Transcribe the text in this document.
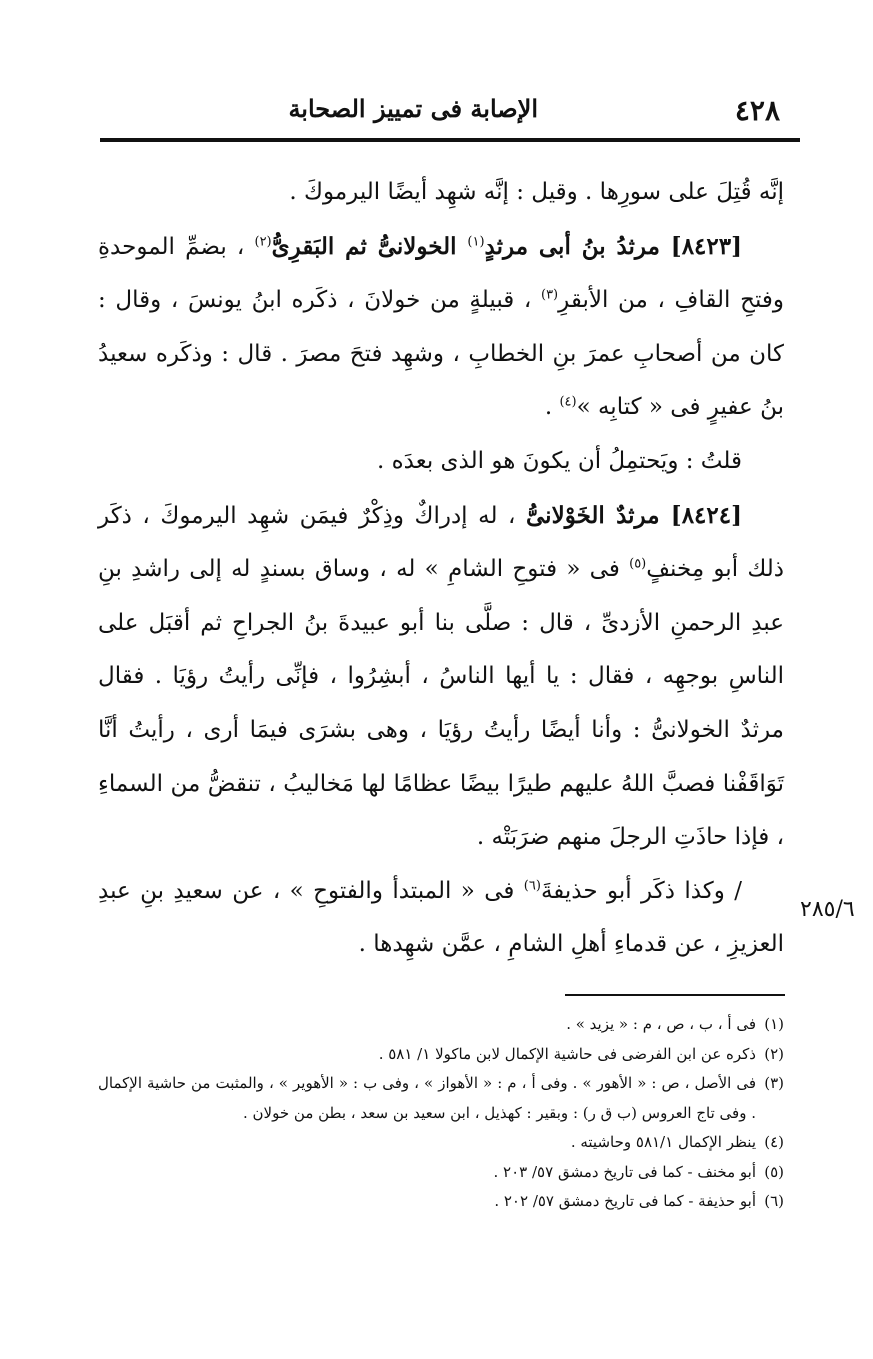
٤٢٨
الإصابة فى تمييز الصحابة

إنَّه قُتِلَ على سورِها . وقيل : إنَّه شهِد أيضًا اليرموكَ .

[٨٤٢٣] مرثدُ بنُ أبى مرثدٍ$^{(١)}$ الخولانىُّ ثم البَقرِىُّ$^{(٢)}$ ، بضمِّ الموحدةِ وفتحِ القافِ ، من الأبقرِ$^{(٣)}$ ، قبيلةٍ من خولانَ ، ذكَره ابنُ يونسَ ، وقال : كان من أصحابِ عمرَ بنِ الخطابِ ، وشهِد فتحَ مصرَ . قال : وذكَره سعيدُ بنُ عفيرٍ فى « كتابِه »$^{(٤)}$ .

قلتُ : ويَحتمِلُ أن يكونَ هو الذى بعدَه .

[٨٤٢٤] مرثدٌ الخَوْلانىُّ ، له إدراكٌ وذِكْرٌ فيمَن شهِد اليرموكَ ، ذكَر ذلك أبو مِخنفٍ$^{(٥)}$ فى « فتوحِ الشامِ » له ، وساق بسندٍ له إلى راشدِ بنِ عبدِ الرحمنِ الأزدىِّ ، قال : صلَّى بنا أبو عبيدةَ بنُ الجراحِ ثم أقبَل على الناسِ بوجهِه ، فقال : يا أيها الناسُ ، أبشِرُوا ، فإنِّى رأيتُ رؤيَا . فقال مرثدٌ الخولانىُّ : وأنا أيضًا رأيتُ رؤيَا ، وهى بشرَى فيمَا أرى ، رأيتُ أنَّا تَوَاقَفْنا فصبَّ اللهُ عليهم طيرًا بيضًا عظامًا لها مَخاليبُ ، تنقضُّ من السماءِ ، فإذا حاذَتِ الرجلَ منهم ضرَبَتْه .

/ وكذا ذكَر أبو حذيفةَ$^{(٦)}$ فى « المبتدأ والفتوحِ » ، عن سعيدِ بنِ عبدِ العزيزِ ، عن قدماءِ أهلِ الشامِ ، عمَّن شهِدها .

٢٨٥/٦

(١)فى أ ، ب ، ص ، م : « يزيد » .

(٢)ذكره عن ابن الفرضى فى حاشية الإكمال لابن ماكولا ١/ ٥٨١ .

(٣)فى الأصل ، ص : « الأهور » . وفى أ ، م : « الأهواز » ، وفى ب : « الأهوير » ، والمثبت من حاشية الإكمال . وفى تاج العروس (ب ق ر) : وبقير : كهذيل ، ابن سعيد بن سعد ، بطن من خولان .

(٤)ينظر الإكمال ٥٨١/١ وحاشيته .

(٥)أبو مخنف - كما فى تاريخ دمشق ٥٧/ ٢٠٣ .

(٦)أبو حذيفة - كما فى تاريخ دمشق ٥٧/ ٢٠٢ .
